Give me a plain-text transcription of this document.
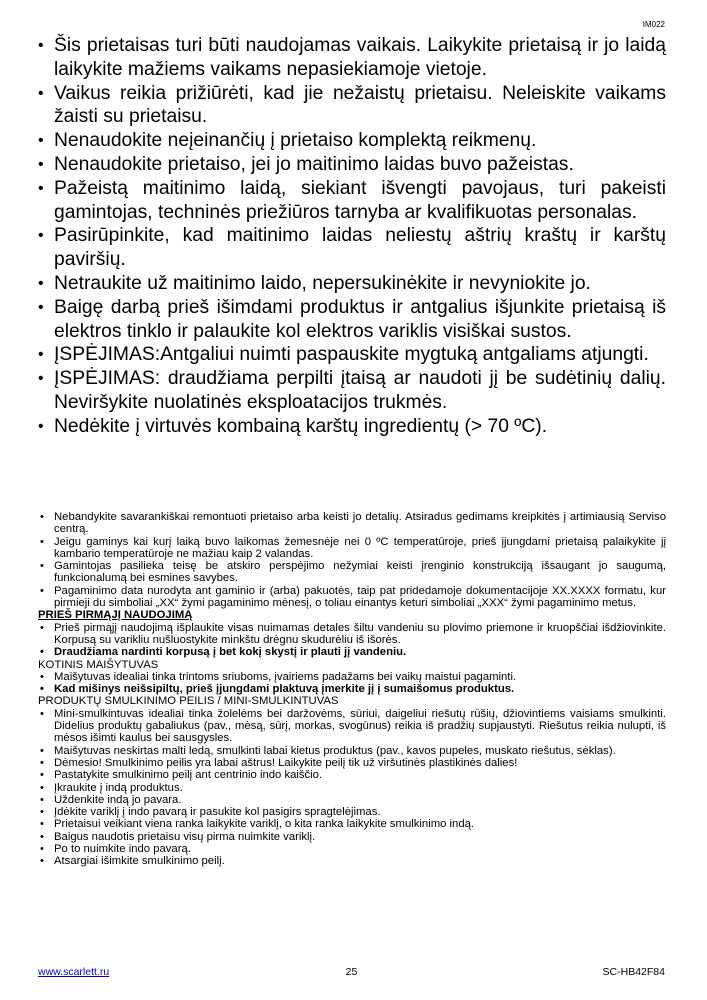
IM022
• Šis prietaisas turi būti naudojamas vaikais. Laikykite prietaisą ir jo laidą laikykite mažiems vaikams nepasiekiamoje vietoje.
• Vaikus reikia prižiūrėti, kad jie nežaistų prietaisu. Neleiskite vaikams žaisti su prietaisu.
• Nenaudokite neįeinančių į prietaiso komplektą reikmenų.
• Nenaudokite prietaiso, jei jo maitinimo laidas buvo pažeistas.
• Pažeistą maitinimo laidą, siekiant išvengti pavojaus, turi pakeisti gamintojas, techninės priežiūros tarnyba ar kvalifikuotas personalas.
• Pasirūpinkite, kad maitinimo laidas neliestų aštrių kraštų ir karštų paviršių.
• Netraukite už maitinimo laido, nepersukinėkite ir nevyniokite jo.
• Baigę darbą prieš išimdami produktus ir antgalius išjunkite prietaisą iš elektros tinklo ir palaukite kol elektros variklis visiškai sustos.
• ĮSPĖJIMAS:Antgaliui nuimti paspauskite mygtuką antgaliams atjungti.
• ĮSPĖJIMAS: draudžiama perpilti įtaisą ar naudoti jį be sudėtinių dalių. Neviršykite nuolatinės eksploatacijos trukmės.
• Nedėkite į virtuvės kombainą karštų ingredientų (> 70 ºC).
• Nebandykite savarankiškai remontuoti prietaiso arba keisti jo detalių. Atsiradus gedimams kreipkitės į artimiausią Serviso centrą.
• Jeigu gaminys kai kurį laiką buvo laikomas žemesnėje nei 0 ºC temperatūroje, prieš įjungdami prietaisą palaikykite jį kambario temperatūroje ne mažiau kaip 2 valandas.
• Gamintojas pasilieka teisę be atskiro perspėjimo nežymiai keisti įrenginio konstrukciją išsaugant jo saugumą, funkcionalumą bei esmines savybes.
• Pagaminimo data nurodyta ant gaminio ir (arba) pakuotės, taip pat pridedamoje dokumentacijoje XX.XXXX formatu, kur pirmieji du simboliai „XX“ žymi pagaminimo mėnesį, o toliau einantys keturi simboliai „XXX“ žymi pagaminimo metus.
PRIEŠ PIRMĄJĮ NAUDOJIMĄ
• Prieš pirmąjį naudojimą išplaukite visas nuimamas detales šiltu vandeniu su plovimo priemone ir kruopščiai išdžiovinkite. Korpusą su varikliu nušluostykite minkštu drėgnu skudurėliu iš išorės.
• Draudžiama nardinti korpusą į bet kokį skystį ir plauti jį vandeniu.
KOTINIS MAIŠYTUVAS
• Maišytuvas idealiai tinka trintoms sriuboms, įvairiems padažams bei vaikų maistui pagaminti.
• Kad mišinys neišsipiltų, prieš įjungdami plaktuvą įmerkite jį į sumaišomus produktus.
PRODUKTŲ SMULKINIMO PEILIS / MINI-SMULKINTUVAS
• Mini-smulkintuvas idealiai tinka žolelėms bei daržovėms, sūriui, daigeliui riešutų rūšių, džiovintiems vaisiams smulkinti. Didelius produktų gabaliukus (pav., mėsą, sūrį, morkas, svogūnus) reikia iš pradžių supjaustyti. Riešutus reikia nulupti, iš mėsos išimti kaulus bei sausgysles.
• Maišytuvas neskirtas malti ledą, smulkinti labai kietus produktus (pav., kavos pupeles, muskato riešutus, sėklas).
• Dėmesio! Smulkinimo peilis yra labai aštrus! Laikykite peilį tik už viršutinės plastikinės dalies!
• Pastatykite smulkinimo peilį ant centrinio indo kaiščio.
• Įkraukite į indą produktus.
• Uždenkite indą jo pavara.
• Įdėkite variklį į indo pavarą ir pasukite kol pasigirs spragtelėjimas.
• Prietaisui veikiant viena ranka laikykite variklį, o kita ranka laikykite smulkinimo indą.
• Baigus naudotis prietaisu visų pirma nuimkite variklį.
• Po to nuimkite indo pavarą.
• Atsargiai išimkite smulkinimo peilį.
www.scarlett.ru	25	SC-HB42F84
